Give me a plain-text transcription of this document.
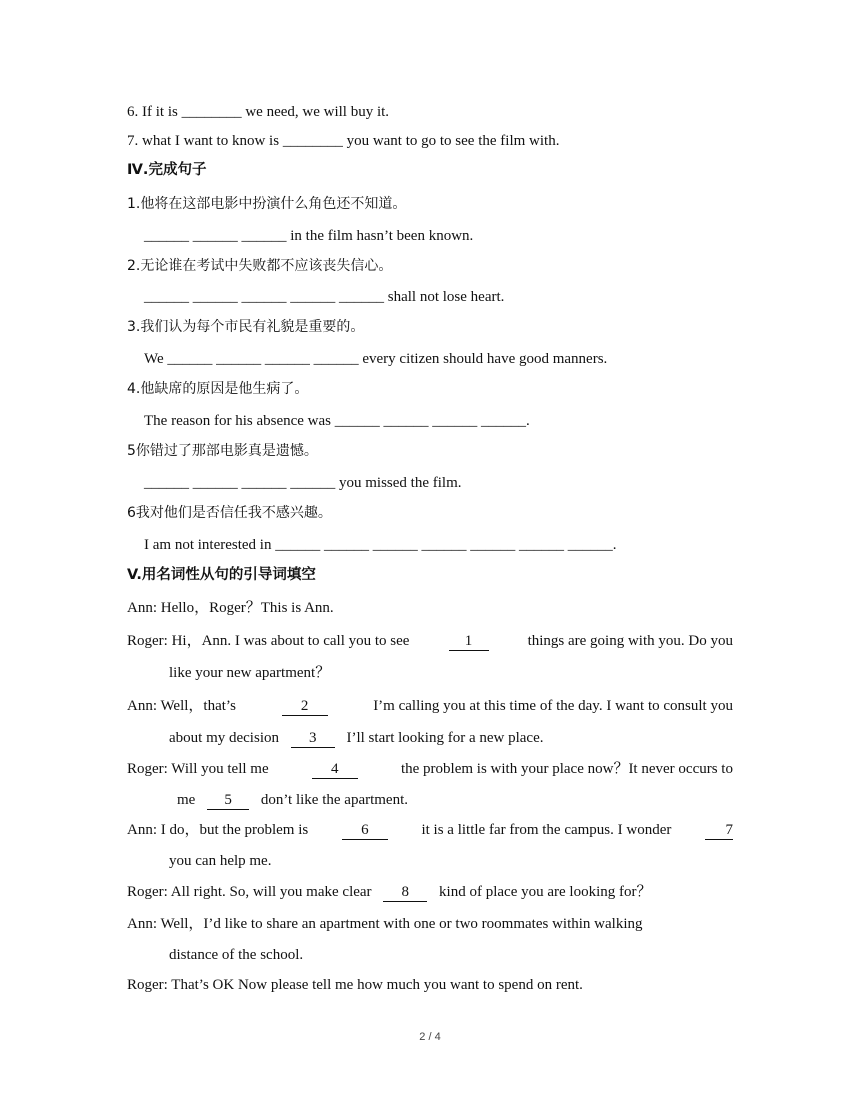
6. If it is ________ we need, we will buy it.
7. what I want to know is ________ you want to go to see the film with.
Ⅳ.完成句子
1.他将在这部电影中扮演什么角色还不知道。
______ ______ ______ in the film hasn’t been known.
2.无论谁在考试中失败都不应该丧失信心。
______ ______ ______ ______ ______ shall not lose heart.
3.我们认为每个市民有礼貌是重要的。
We ______ ______ ______ ______ every citizen should have good manners.
4.他缺席的原因是他生病了。
The reason for his absence was ______ ______ ______ ______.
5你错过了那部电影真是遗憾。
______ ______ ______ ______ you missed the film.
6我对他们是否信任我不感兴趣。
I am not interested in ______ ______ ______ ______ ______ ______ ______.
V.用名词性从句的引导词填空
Ann: Hello，Roger？This is Ann.
Roger: Hi，Ann. I was about to call you to see	1	things are going with you. Do you
like your new apartment？
Ann: Well，that’s	2	I’m calling you at this time of the day. I want to consult you
about my decision 3 I’ll start looking for a new place.
Roger: Will you tell me	4	the problem is with your place now？It never occurs to
me 5 don’t like the apartment.
Ann: I do，but the problem is	6	it is a little far from the campus. I wonder	7
you can help me.
Roger: All right. So, will you make clear 8 kind of place you are looking for？
Ann: Well，I’d like to share an apartment with one or two roommates within walking
distance of the school.
Roger: That’s OK Now please tell me how much you want to spend on rent.
2 / 4
